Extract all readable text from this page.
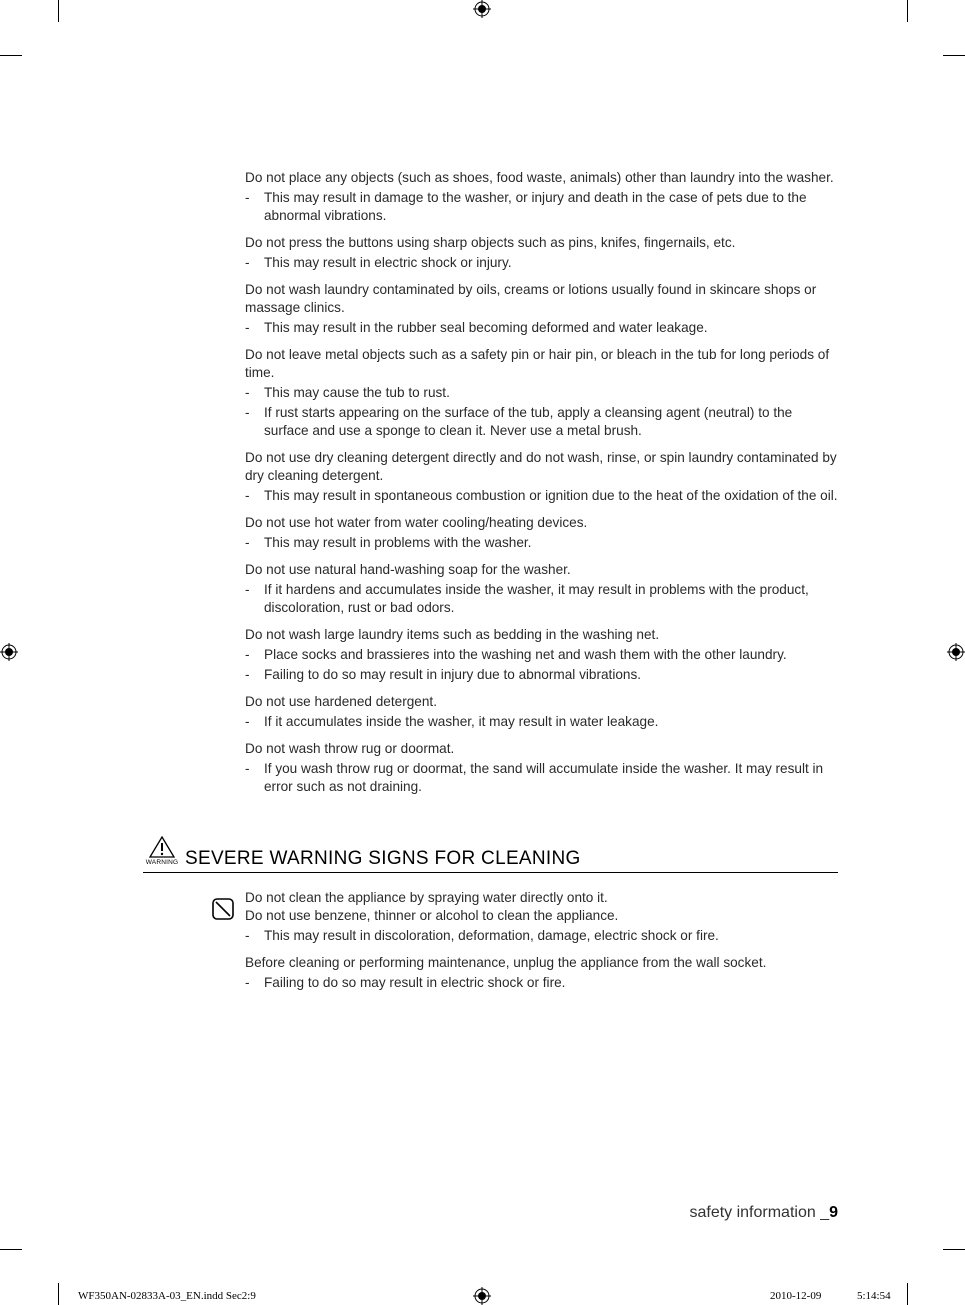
Do not place any objects (such as shoes, food waste, animals) other than laundry into the washer.

- This may result in damage to the washer, or injury and death in the case of pets due to the abnormal vibrations.

Do not press the buttons using sharp objects such as pins, knifes, fingernails, etc.

- This may result in electric shock or injury.

Do not wash laundry contaminated by oils, creams or lotions usually found in skincare shops or massage clinics.

- This may result in the rubber seal becoming deformed and water leakage.

Do not leave metal objects such as a safety pin or hair pin, or bleach in the tub for long periods of time.

- This may cause the tub to rust.

- If rust starts appearing on the surface of the tub, apply a cleansing agent (neutral) to the surface and use a sponge to clean it. Never use a metal brush.

Do not use dry cleaning detergent directly and do not wash, rinse, or spin laundry contaminated by dry cleaning detergent.

- This may result in spontaneous combustion or ignition due to the heat of the oxidation of the oil.

Do not use hot water from water cooling/heating devices.

- This may result in problems with the washer.

Do not use natural hand-washing soap for the washer.

- If it hardens and accumulates inside the washer, it may result in problems with the product, discoloration, rust or bad odors.

Do not wash large laundry items such as bedding in the washing net.

- Place socks and brassieres into the washing net and wash them with the other laundry.

- Failing to do so may result in injury due to abnormal vibrations.

Do not use hardened detergent.

- If it accumulates inside the washer, it may result in water leakage.

Do not wash throw rug or doormat.

- If you wash throw rug or doormat, the sand will accumulate inside the washer. It may result in error such as not draining.

WARNING SEVERE WARNING SIGNS FOR CLEANING

Do not clean the appliance by spraying water directly onto it.

Do not use benzene, thinner or alcohol to clean the appliance.

- This may result in discoloration, deformation, damage, electric shock or fire.

Before cleaning or performing maintenance, unplug the appliance from the wall socket.

- Failing to do so may result in electric shock or fire.

safety information _9
WF350AN-02833A-03_EN.indd Sec2:9	2010-12-09	5:14:54
